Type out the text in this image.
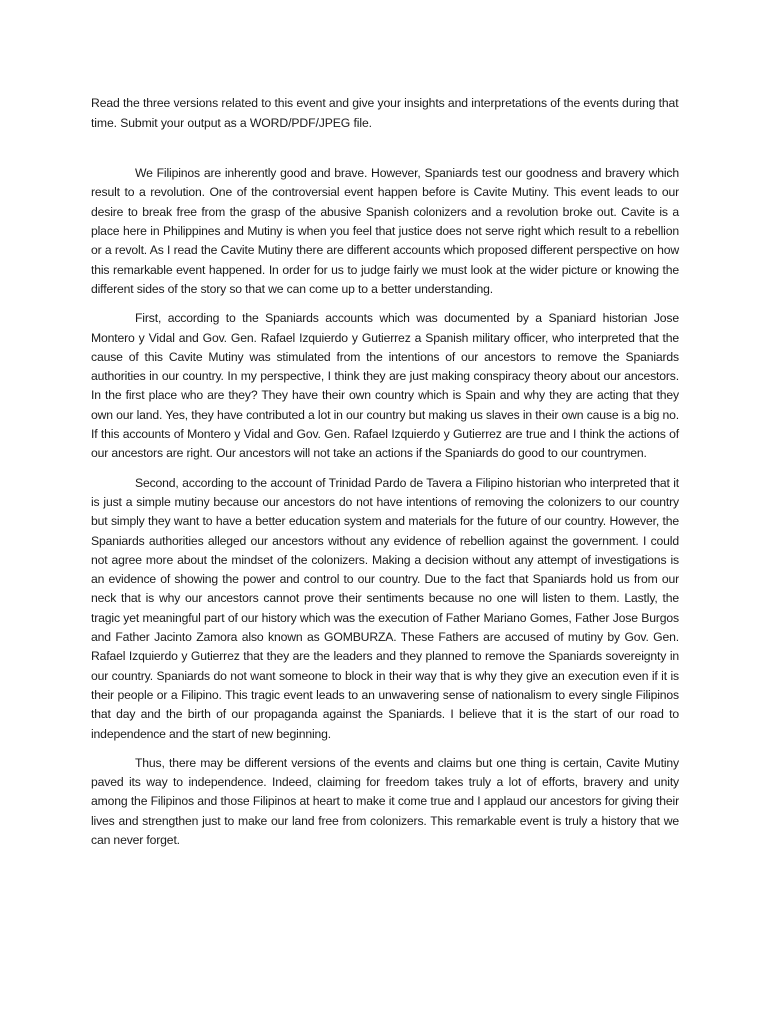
Read the three versions related to this event and give your insights and interpretations of the events during that time. Submit your output as a WORD/PDF/JPEG file.

We Filipinos are inherently good and brave. However, Spaniards test our goodness and bravery which result to a revolution. One of the controversial event happen before is Cavite Mutiny. This event leads to our desire to break free from the grasp of the abusive Spanish colonizers and a revolution broke out. Cavite is a place here in Philippines and Mutiny is when you feel that justice does not serve right which result to a rebellion or a revolt. As I read the Cavite Mutiny there are different accounts which proposed different perspective on how this remarkable event happened. In order for us to judge fairly we must look at the wider picture or knowing the different sides of the story so that we can come up to a better understanding.

First, according to the Spaniards accounts which was documented by a Spaniard historian Jose Montero y Vidal and Gov. Gen. Rafael Izquierdo y Gutierrez a Spanish military officer, who interpreted that the cause of this Cavite Mutiny was stimulated from the intentions of our ancestors to remove the Spaniards authorities in our country. In my perspective, I think they are just making conspiracy theory about our ancestors. In the first place who are they? They have their own country which is Spain and why they are acting that they own our land. Yes, they have contributed a lot in our country but making us slaves in their own cause is a big no. If this accounts of Montero y Vidal and Gov. Gen. Rafael Izquierdo y Gutierrez are true and I think the actions of our ancestors are right. Our ancestors will not take an actions if the Spaniards do good to our countrymen.

Second, according to the account of Trinidad Pardo de Tavera a Filipino historian who interpreted that it is just a simple mutiny because our ancestors do not have intentions of removing the colonizers to our country but simply they want to have a better education system and materials for the future of our country. However, the Spaniards authorities alleged our ancestors without any evidence of rebellion against the government. I could not agree more about the mindset of the colonizers. Making a decision without any attempt of investigations is an evidence of showing the power and control to our country. Due to the fact that Spaniards hold us from our neck that is why our ancestors cannot prove their sentiments because no one will listen to them. Lastly, the tragic yet meaningful part of our history which was the execution of Father Mariano Gomes, Father Jose Burgos and Father Jacinto Zamora also known as GOMBURZA. These Fathers are accused of mutiny by Gov. Gen. Rafael Izquierdo y Gutierrez that they are the leaders and they planned to remove the Spaniards sovereignty in our country. Spaniards do not want someone to block in their way that is why they give an execution even if it is their people or a Filipino. This tragic event leads to an unwavering sense of nationalism to every single Filipinos that day and the birth of our propaganda against the Spaniards. I believe that it is the start of our road to independence and the start of new beginning.

Thus, there may be different versions of the events and claims but one thing is certain, Cavite Mutiny paved its way to independence. Indeed, claiming for freedom takes truly a lot of efforts, bravery and unity among the Filipinos and those Filipinos at heart to make it come true and I applaud our ancestors for giving their lives and strengthen just to make our land free from colonizers. This remarkable event is truly a history that we can never forget.
